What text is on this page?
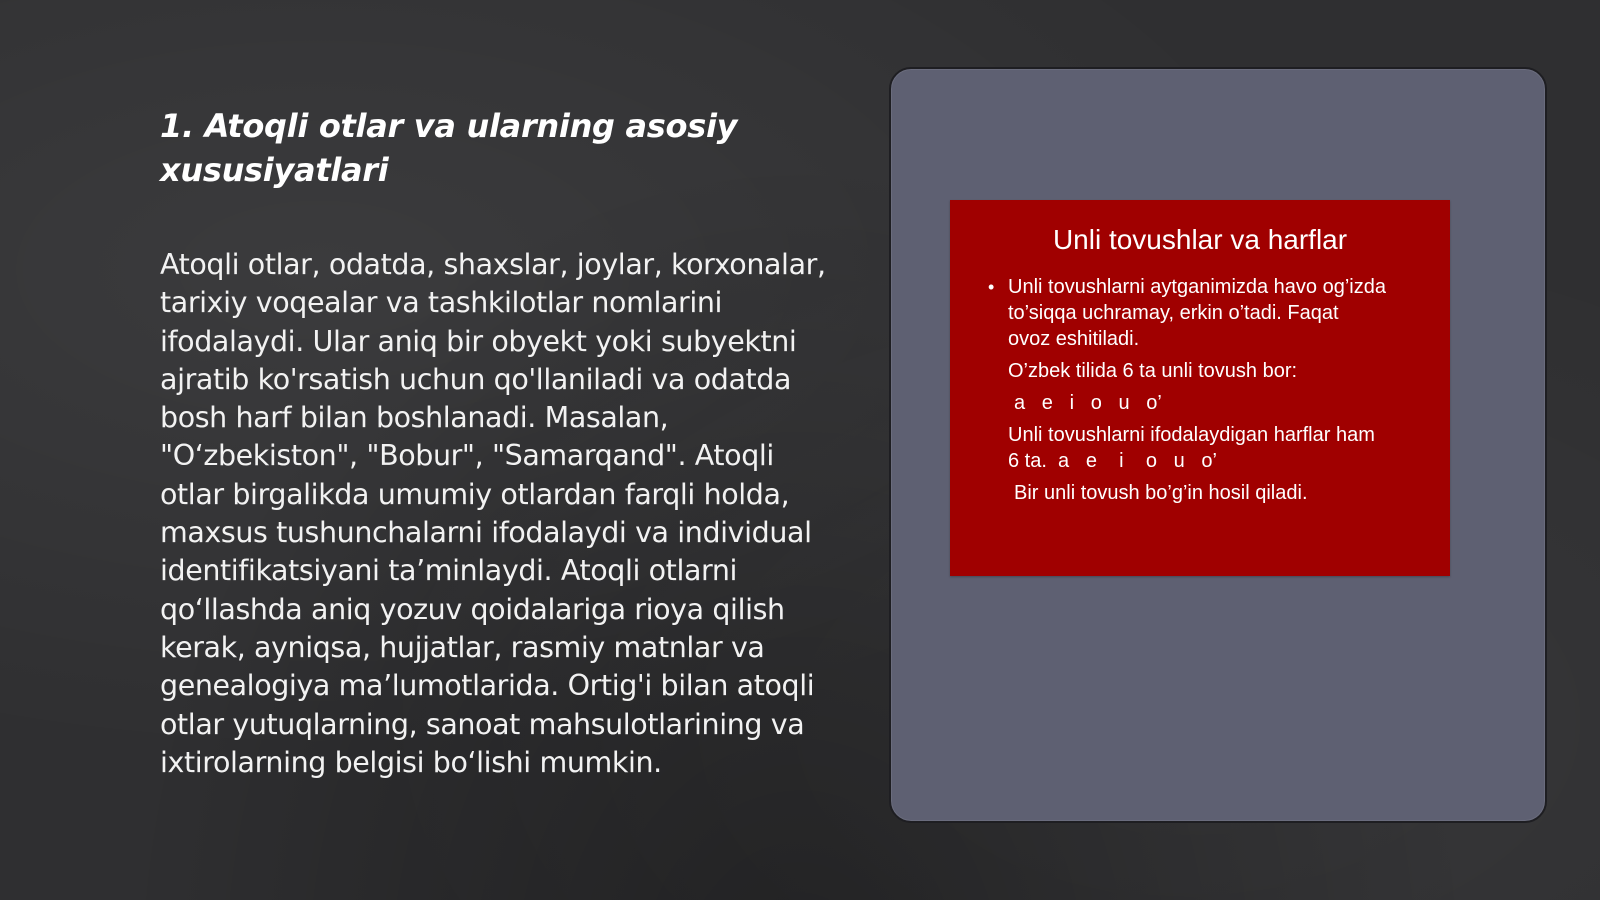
1. Atoqli otlar va ularning asosiy xususiyatlari

Atoqli otlar, odatda, shaxslar, joylar, korxonalar, tarixiy voqealar va tashkilotlar nomlarini ifodalaydi. Ular aniq bir obyekt yoki subyektni ajratib ko'rsatish uchun qo'llaniladi va odatda bosh harf bilan boshlanadi. Masalan, "O‘zbekiston", "Bobur", "Samarqand". Atoqli otlar birgalikda umumiy otlardan farqli holda, maxsus tushunchalarni ifodalaydi va individual identifikatsiyani ta’minlaydi. Atoqli otlarni qo‘llashda aniq yozuv qoidalariga rioya qilish kerak, ayniqsa, hujjatlar, rasmiy matnlar va genealogiya ma’lumotlarida. Ortig'i bilan atoqli otlar yutuqlarning, sanoat mahsulotlarining va ixtirolarning belgisi bo‘lishi mumkin.

Unli tovushlar va harflar
• Unli tovushlarni aytganimizda havo og’izda
to’siqqa uchramay, erkin o’tadi. Faqat
ovoz eshitiladi.
O’zbek tilida 6 ta unli tovush bor:
a   e   i   o   u   o’
Unli tovushlarni ifodalaydigan harflar ham
6 ta.  a   e    i    o   u   o’
Bir unli tovush bo’g’in hosil qiladi.
